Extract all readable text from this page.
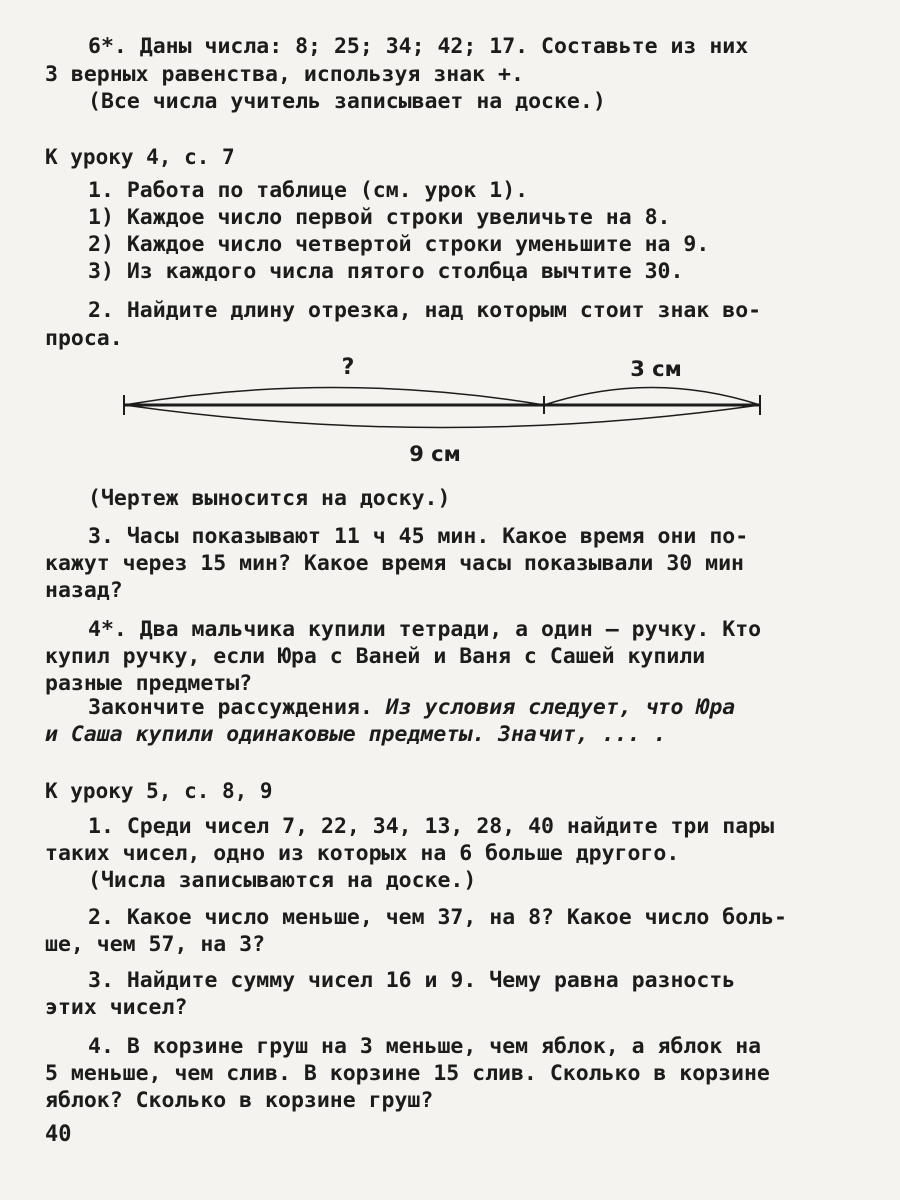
6*. Даны числа: 8; 25; 34; 42; 17. Составьте из них
3 верных равенства, используя знак +.
(Все числа учитель записывает на доске.)
К уроку 4, с. 7
1. Работа по таблице (см. урок 1).
1) Каждое число первой строки увеличьте на 8.
2) Каждое число четвертой строки уменьшите на 9.
3) Из каждого числа пятого столбца вычтите 30.
2. Найдите длину отрезка, над которым стоит знак во-
проса.
?	3 см
9 см
(Чертеж выносится на доску.)
3. Часы показывают 11 ч 45 мин. Какое время они по-
кажут через 15 мин? Какое время часы показывали 30 мин
назад?
4*. Два мальчика купили тетради, а один — ручку. Кто
купил ручку, если Юра с Ваней и Ваня с Сашей купили
разные предметы?
Закончите рассуждения. Из условия следует, что Юра
и Саша купили одинаковые предметы. Значит, ... .
К уроку 5, с. 8, 9
1. Среди чисел 7, 22, 34, 13, 28, 40 найдите три пары
таких чисел, одно из которых на 6 больше другого.
(Числа записываются на доске.)
2. Какое число меньше, чем 37, на 8? Какое число боль-
ше, чем 57, на 3?
3. Найдите сумму чисел 16 и 9. Чему равна разность
этих чисел?
4. В корзине груш на 3 меньше, чем яблок, а яблок на
5 меньше, чем слив. В корзине 15 слив. Сколько в корзине
яблок? Сколько в корзине груш?
40
